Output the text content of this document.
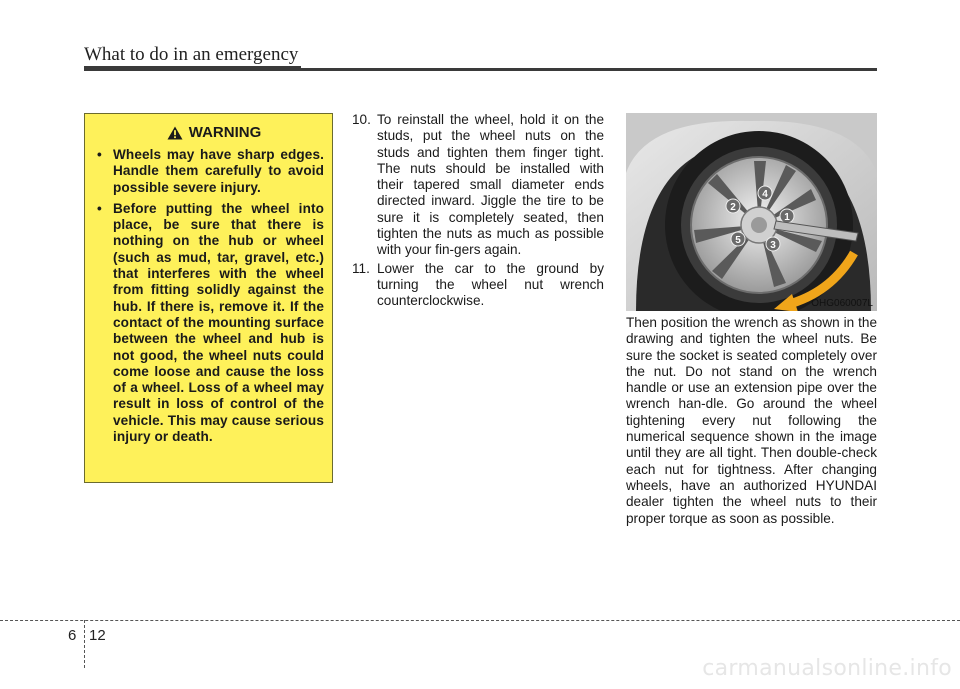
What to do in an emergency
WARNING
• Wheels may have sharp edges. Handle them carefully to avoid possible severe injury.
• Before putting the wheel into place, be sure that there is nothing on the hub or wheel (such as mud, tar, gravel, etc.) that interferes with the wheel from fitting solidly against the hub. If there is, remove it. If the contact of the mounting surface between the wheel and hub is not good, the wheel nuts could come loose and cause the loss of a wheel. Loss of a wheel may result in loss of control of the vehicle. This may cause serious injury or death.
10. To reinstall the wheel, hold it on the studs, put the wheel nuts on the studs and tighten them finger tight. The nuts should be installed with their tapered small diameter ends directed inward. Jiggle the tire to be sure it is completely seated, then tighten the nuts as much as possible with your fin-gers again.
11. Lower the car to the ground by turning the wheel nut wrench counterclockwise.
1
2
3
4
5
OHG060007L

Then position the wrench as shown in the drawing and tighten the wheel nuts. Be sure the socket is seated completely over the nut. Do not stand on the wrench handle or use an extension pipe over the wrench han-dle. Go around the wheel tightening every nut following the numerical sequence shown in the image until they are all tight. Then double-check each nut for tightness. After changing wheels, have an authorized HYUNDAI dealer tighten the wheel nuts to their proper torque as soon as possible.

6 12
carmanualsonline.info
